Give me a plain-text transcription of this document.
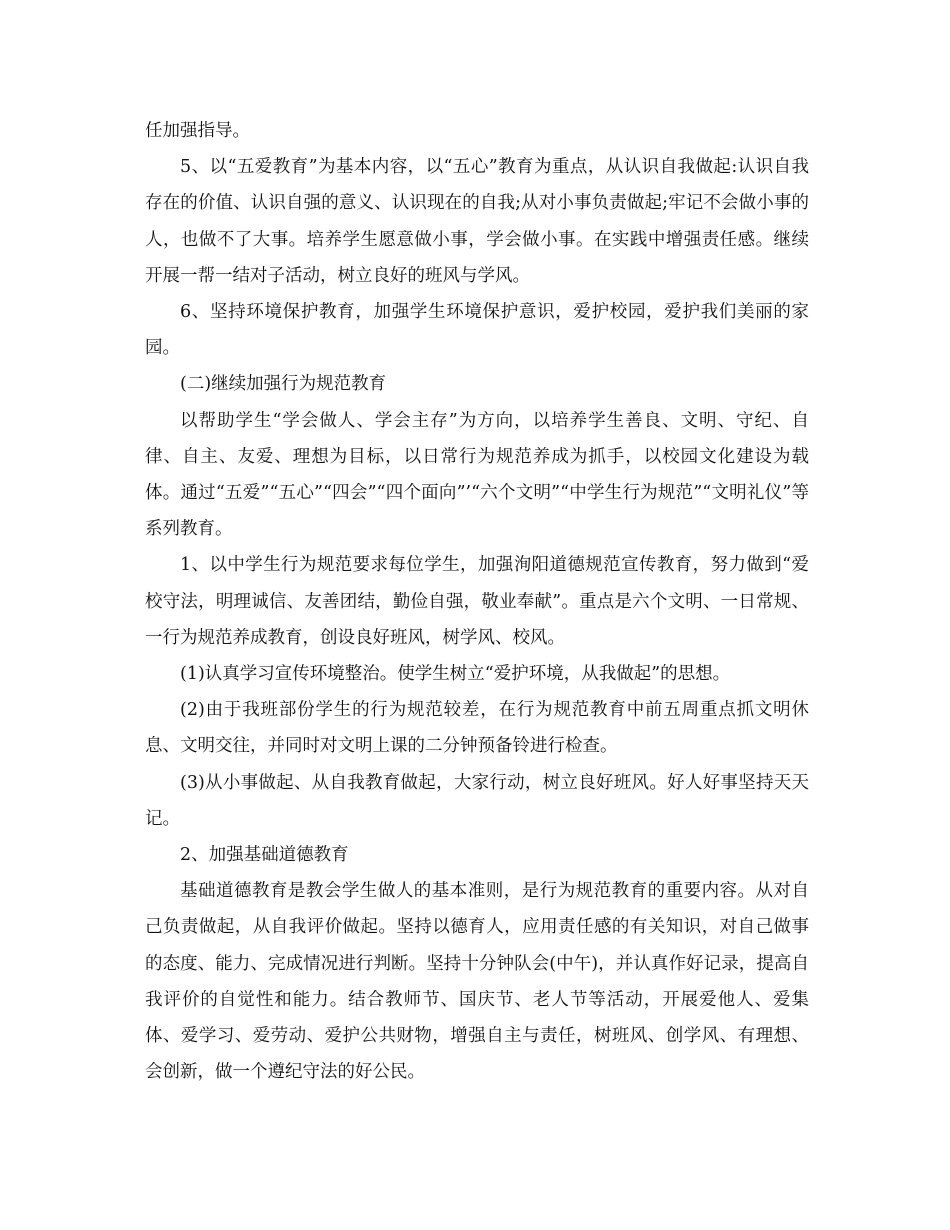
任加强指导。

5、以“五爱教育”为基本内容，以“五心”教育为重点，从认识自我做起:认识自我存在的价值、认识自强的意义、认识现在的自我;从对小事负责做起;牢记不会做小事的人，也做不了大事。培养学生愿意做小事，学会做小事。在实践中增强责任感。继续开展一帮一结对子活动，树立良好的班风与学风。

6、坚持环境保护教育，加强学生环境保护意识，爱护校园，爱护我们美丽的家园。

(二)继续加强行为规范教育

以帮助学生“学会做人、学会主存”为方向，以培养学生善良、文明、守纪、自律、自主、友爱、理想为目标，以日常行为规范养成为抓手，以校园文化建设为载体。通过“五爱”“五心”“四会”“四个面向”’“六个文明”“中学生行为规范”“文明礼仪”等系列教育。

1、以中学生行为规范要求每位学生，加强洵阳道德规范宣传教育，努力做到“爱校守法，明理诚信、友善团结，勤俭自强，敬业奉献”。重点是六个文明、一日常规、一行为规范养成教育，创设良好班风，树学风、校风。

(1)认真学习宣传环境整治。使学生树立“爱护环境，从我做起”的思想。

(2)由于我班部份学生的行为规范较差，在行为规范教育中前五周重点抓文明休息、文明交往，并同时对文明上课的二分钟预备铃进行检查。

(3)从小事做起、从自我教育做起，大家行动，树立良好班风。好人好事坚持天天记。

2、加强基础道德教育

基础道德教育是教会学生做人的基本准则，是行为规范教育的重要内容。从对自己负责做起，从自我评价做起。坚持以德育人，应用责任感的有关知识，对自己做事的态度、能力、完成情况进行判断。坚持十分钟队会(中午)，并认真作好记录，提高自我评价的自觉性和能力。结合教师节、国庆节、老人节等活动，开展爱他人、爱集体、爱学习、爱劳动、爱护公共财物，增强自主与责任，树班风、创学风、有理想、会创新，做一个遵纪守法的好公民。
